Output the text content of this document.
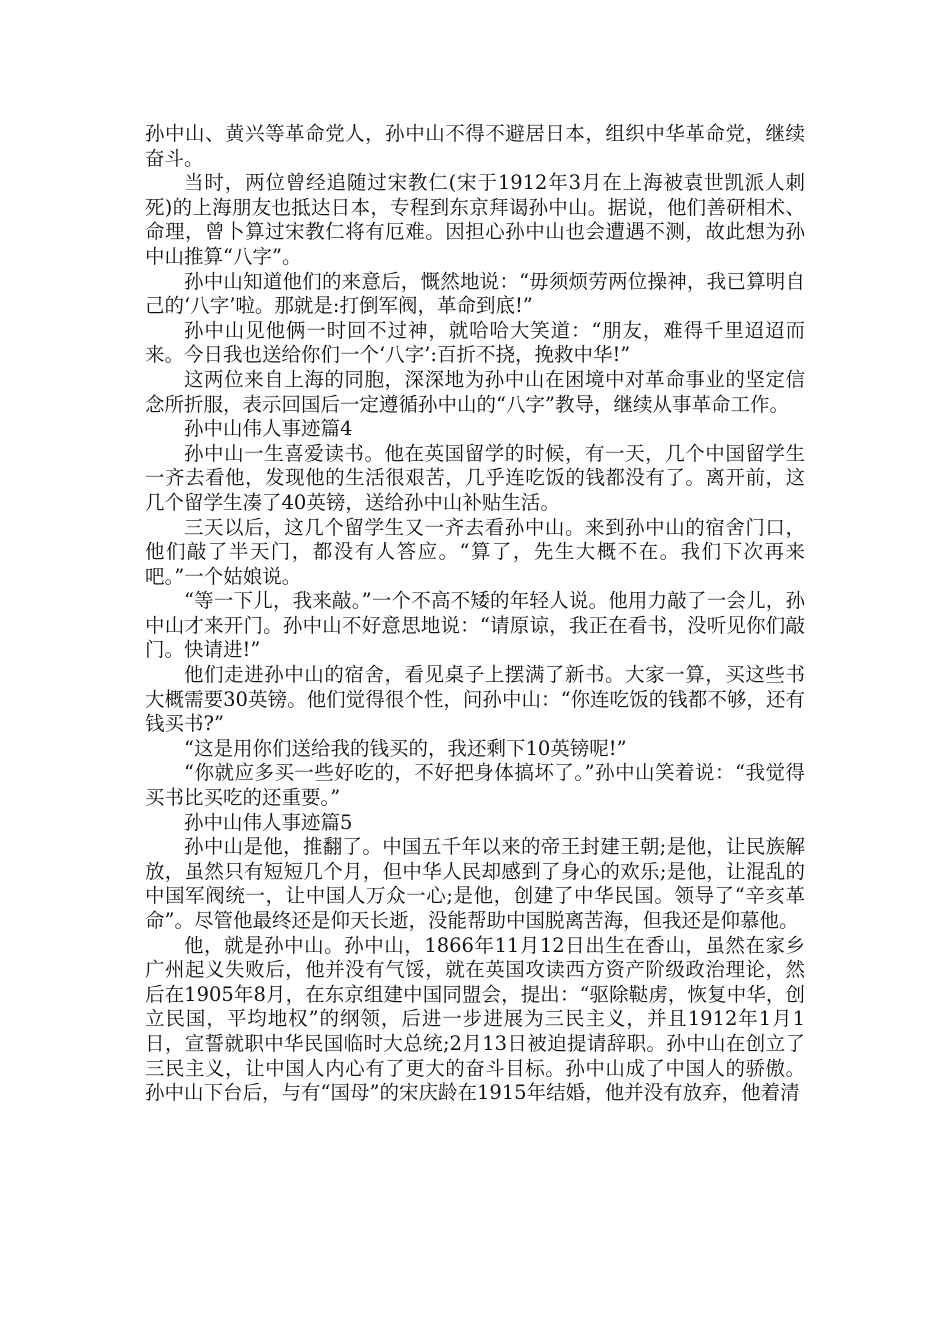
孙中山、黄兴等革命党人，孙中山不得不避居日本，组织中华革命党，继续奋斗。

当时，两位曾经追随过宋教仁(宋于1912年3月在上海被袁世凯派人刺死)的上海朋友也抵达日本，专程到东京拜谒孙中山。据说，他们善研相术、命理，曾卜算过宋教仁将有厄难。因担心孙中山也会遭遇不测，故此想为孙中山推算“八字”。

孙中山知道他们的来意后，慨然地说：“毋须烦劳两位操神，我已算明自己的‘八字’啦。那就是:打倒军阀，革命到底!”

孙中山见他俩一时回不过神，就哈哈大笑道：“朋友，难得千里迢迢而来。今日我也送给你们一个‘八字’:百折不挠，挽救中华!”

这两位来自上海的同胞，深深地为孙中山在困境中对革命事业的坚定信念所折服，表示回国后一定遵循孙中山的“八字”教导，继续从事革命工作。

孙中山伟人事迹篇4

孙中山一生喜爱读书。他在英国留学的时候，有一天，几个中国留学生一齐去看他，发现他的生活很艰苦，几乎连吃饭的钱都没有了。离开前，这几个留学生凑了40英镑，送给孙中山补贴生活。

三天以后，这几个留学生又一齐去看孙中山。来到孙中山的宿舍门口，他们敲了半天门，都没有人答应。“算了，先生大概不在。我们下次再来吧。”一个姑娘说。

“等一下儿，我来敲。”一个不高不矮的年轻人说。他用力敲了一会儿，孙中山才来开门。孙中山不好意思地说：“请原谅，我正在看书，没听见你们敲门。快请进!”

他们走进孙中山的宿舍，看见桌子上摆满了新书。大家一算，买这些书大概需要30英镑。他们觉得很个性，问孙中山：“你连吃饭的钱都不够，还有钱买书?”

“这是用你们送给我的钱买的，我还剩下10英镑呢!”

“你就应多买一些好吃的，不好把身体搞坏了。”孙中山笑着说：“我觉得买书比买吃的还重要。”

孙中山伟人事迹篇5

孙中山是他，推翻了。中国五千年以来的帝王封建王朝;是他，让民族解放，虽然只有短短几个月，但中华人民却感到了身心的欢乐;是他，让混乱的中国军阀统一，让中国人万众一心;是他，创建了中华民国。领导了“辛亥革命”。尽管他最终还是仰天长逝，没能帮助中国脱离苦海，但我还是仰慕他。

他，就是孙中山。孙中山，1866年11月12日出生在香山，虽然在家乡广州起义失败后，他并没有气馁，就在英国攻读西方资产阶级政治理论，然后在1905年8月，在东京组建中国同盟会，提出：“驱除鞑虏，恢复中华，创立民国，平均地权”的纲领，后进一步进展为三民主义，并且1912年1月1日，宣誓就职中华民国临时大总统;2月13日被迫提请辞职。孙中山在创立了三民主义，让中国人内心有了更大的奋斗目标。孙中山成了中国人的骄傲。孙中山下台后，与有“国母”的宋庆龄在1915年结婚，他并没有放弃，他着清
